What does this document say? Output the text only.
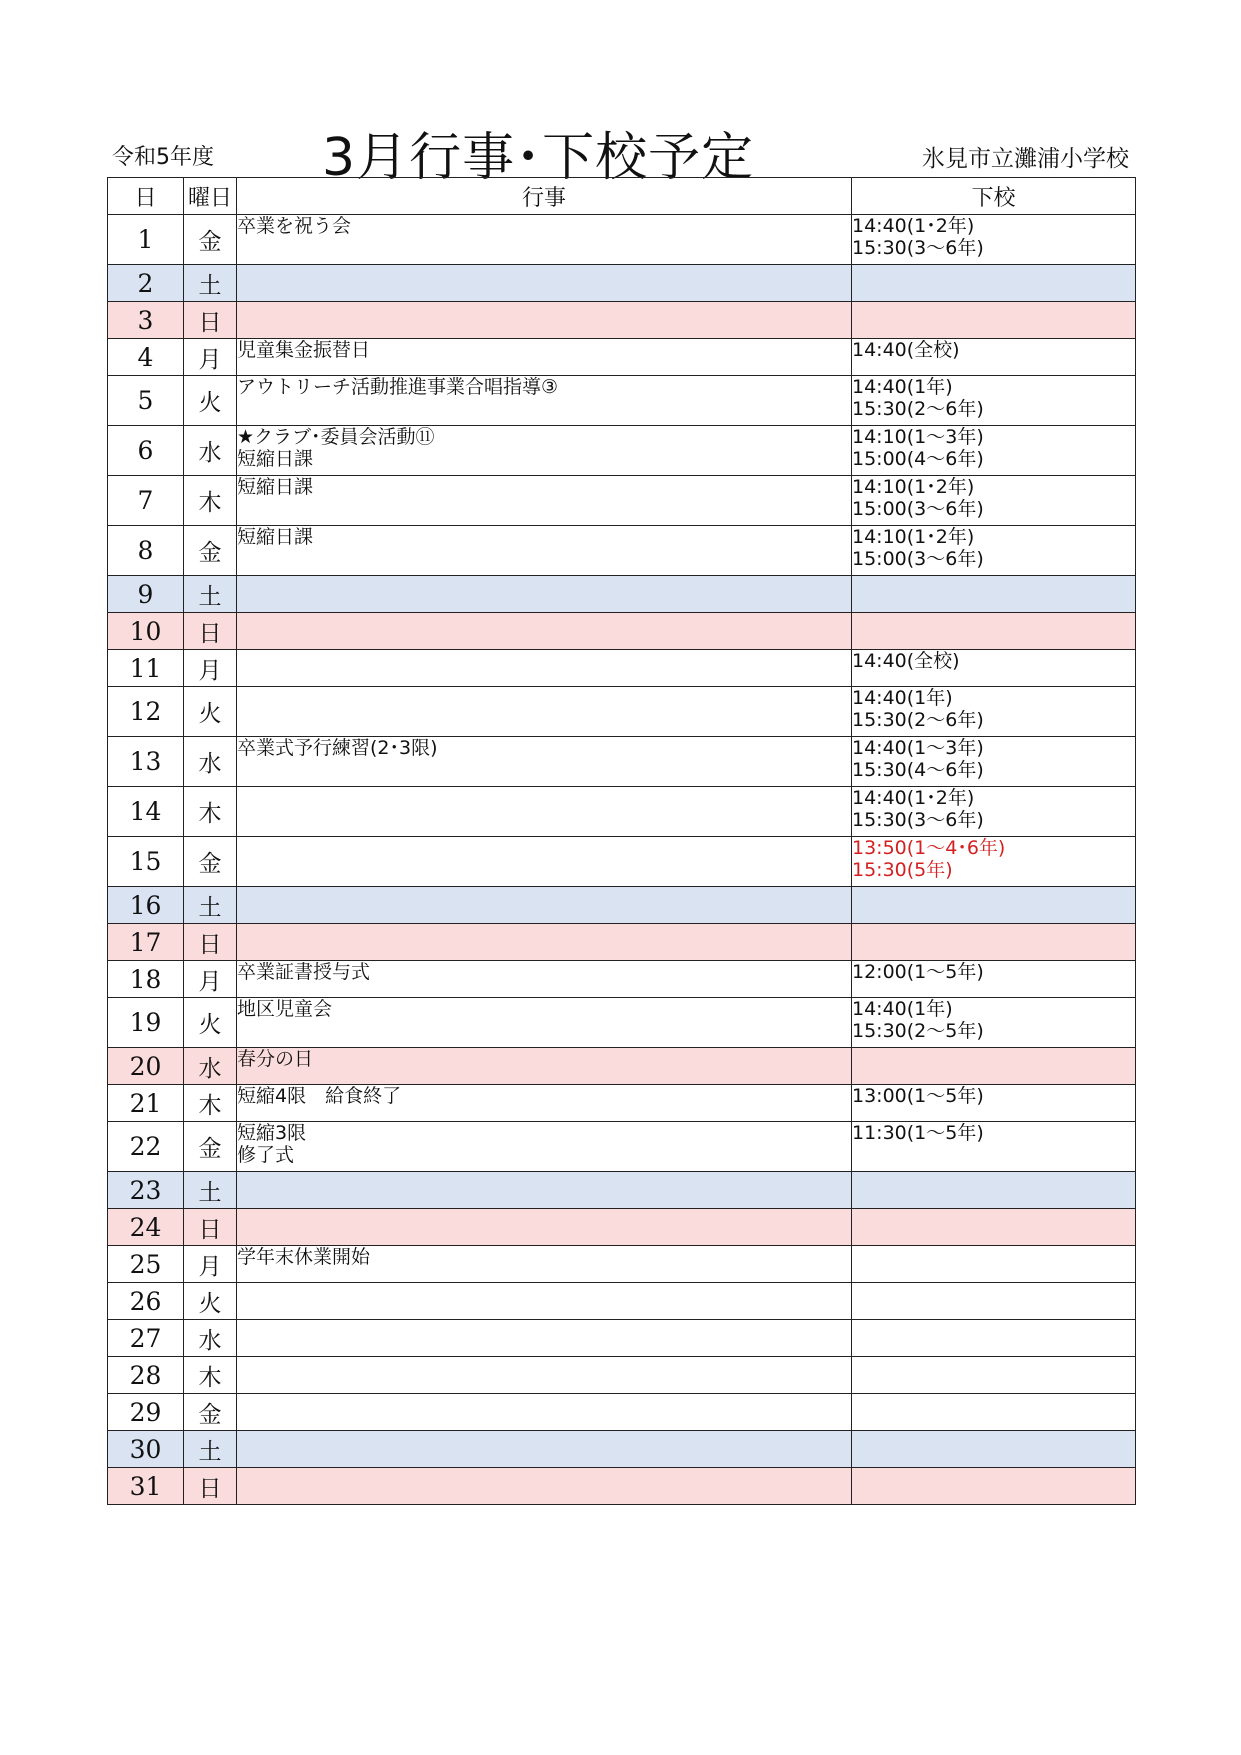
令和5年度 3月行事･下校予定	氷見市立灘浦小学校
日	曜日	行事	下校
1	金	卒業を祝う会	14:40(1･2年)
15:30(3～6年)

2	土		
3	日		
4	月	児童集金振替日	14:40(全校)

5	火	アウトリーチ活動推進事業合唱指導③	14:40(1年)
15:30(2～6年)

6	水	★クラブ･委員会活動⑪
短縮日課	14:10(1～3年)
15:00(4～6年)

7	木	短縮日課	14:10(1･2年)
15:00(3～6年)

8	金	短縮日課	14:10(1･2年)
15:00(3～6年)

9	土		
10	日		
11	月		14:40(全校)

12	火		14:40(1年)
15:30(2～6年)

13	水	卒業式予行練習(2･3限)	14:40(1～3年)
15:30(4～6年)

14	木		14:40(1･2年)
15:30(3～6年)

15	金		13:50(1～4･6年)
15:30(5年)

16	土		
17	日		
18	月	卒業証書授与式	12:00(1～5年)

19	火	地区児童会	14:40(1年)
15:30(2～5年)

20	水	春分の日	

21	木	短縮4限　給食終了	13:00(1～5年)

22	金	短縮3限
修了式	11:30(1～5年)

23	土		
24	日		
25	月	学年末休業開始	

26	火		
27	水		
28	木		
29	金		
30	土		
31	日		
